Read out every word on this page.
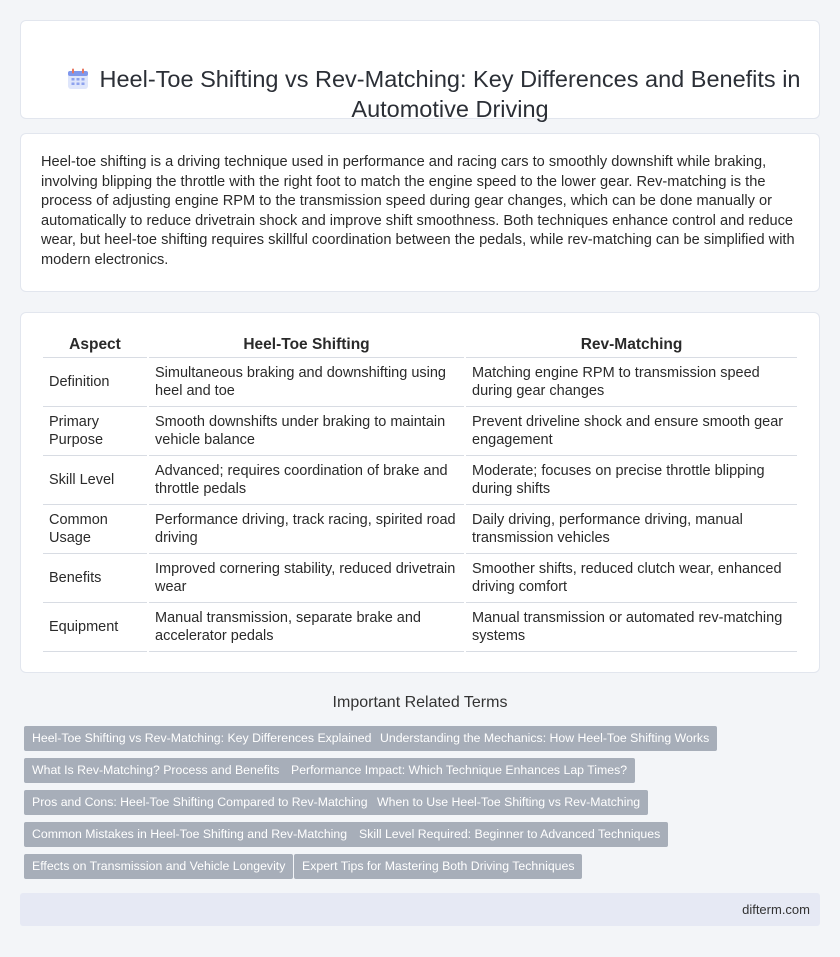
Heel-Toe Shifting vs Rev-Matching: Key Differences and Benefits in Automotive Driving

Heel-toe shifting is a driving technique used in performance and racing cars to smoothly downshift while braking, involving blipping the throttle with the right foot to match the engine speed to the lower gear. Rev-matching is the process of adjusting engine RPM to the transmission speed during gear changes, which can be done manually or automatically to reduce drivetrain shock and improve shift smoothness. Both techniques enhance control and reduce wear, but heel-toe shifting requires skillful coordination between the pedals, while rev-matching can be simplified with modern electronics.

Aspect	Heel-Toe Shifting	Rev-Matching
Definition	Simultaneous braking and downshifting using heel and toe	Matching engine RPM to transmission speed during gear changes
Primary Purpose	Smooth downshifts under braking to maintain vehicle balance	Prevent driveline shock and ensure smooth gear engagement
Skill Level	Advanced; requires coordination of brake and throttle pedals	Moderate; focuses on precise throttle blipping during shifts
Common Usage	Performance driving, track racing, spirited road driving	Daily driving, performance driving, manual transmission vehicles
Benefits	Improved cornering stability, reduced drivetrain wear	Smoother shifts, reduced clutch wear, enhanced driving comfort
Equipment	Manual transmission, separate brake and accelerator pedals	Manual transmission or automated rev-matching systems
Important Related Terms
Heel-Toe Shifting vs Rev-Matching: Key Differences Explained Understanding the Mechanics: How Heel-Toe Shifting Works
What Is Rev-Matching? Process and Benefits Performance Impact: Which Technique Enhances Lap Times?
Pros and Cons: Heel-Toe Shifting Compared to Rev-Matching When to Use Heel-Toe Shifting vs Rev-Matching
Common Mistakes in Heel-Toe Shifting and Rev-Matching Skill Level Required: Beginner to Advanced Techniques
Effects on Transmission and Vehicle Longevity	Expert Tips for Mastering Both Driving Techniques
difterm.com
